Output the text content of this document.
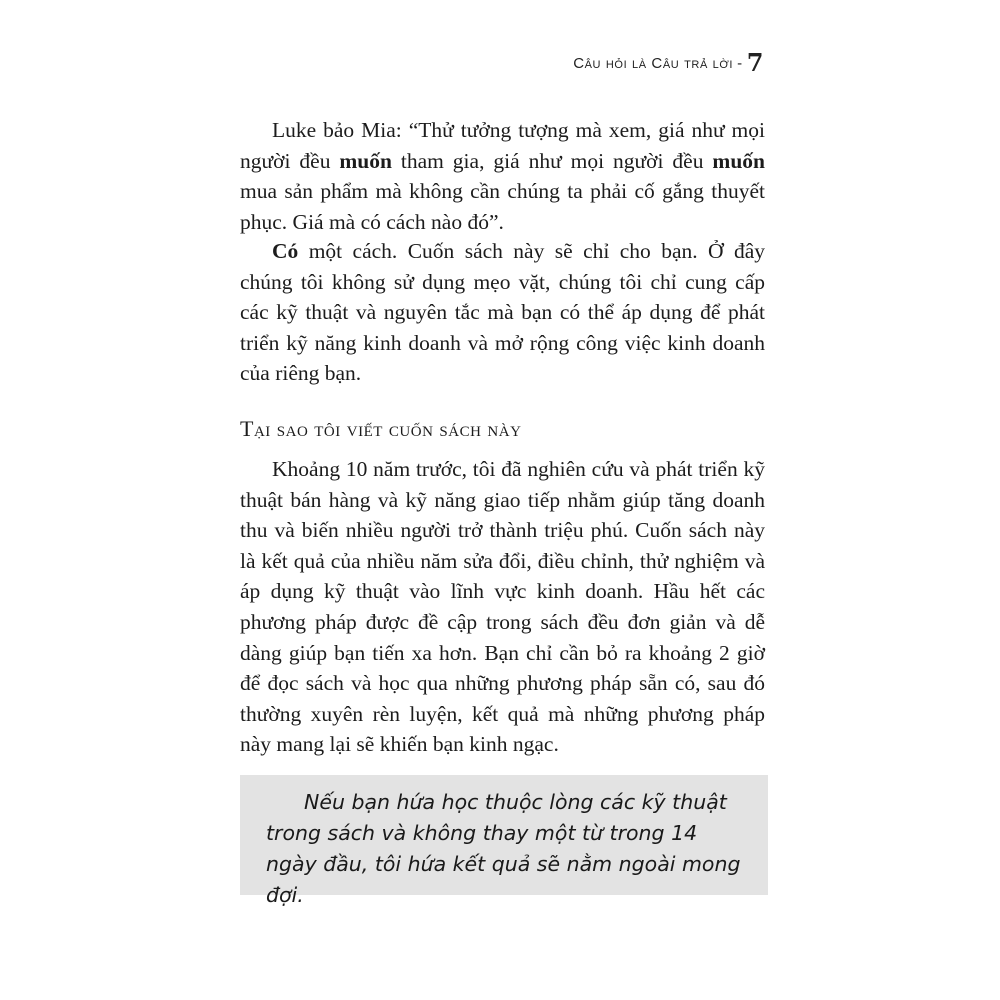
Câu hỏi là Câu trả lời - 7

Luke bảo Mia: “Thử tưởng tượng mà xem, giá như mọi người đều muốn tham gia, giá như mọi người đều muốn mua sản phẩm mà không cần chúng ta phải cố gắng thuyết phục. Giá mà có cách nào đó”.

Có một cách. Cuốn sách này sẽ chỉ cho bạn. Ở đây chúng tôi không sử dụng mẹo vặt, chúng tôi chỉ cung cấp các kỹ thuật và nguyên tắc mà bạn có thể áp dụng để phát triển kỹ năng kinh doanh và mở rộng công việc kinh doanh của riêng bạn.

Tại sao tôi viết cuốn sách này

Khoảng 10 năm trước, tôi đã nghiên cứu và phát triển kỹ thuật bán hàng và kỹ năng giao tiếp nhằm giúp tăng doanh thu và biến nhiều người trở thành triệu phú. Cuốn sách này là kết quả của nhiều năm sửa đổi, điều chỉnh, thử nghiệm và áp dụng kỹ thuật vào lĩnh vực kinh doanh. Hầu hết các phương pháp được đề cập trong sách đều đơn giản và dễ dàng giúp bạn tiến xa hơn. Bạn chỉ cần bỏ ra khoảng 2 giờ để đọc sách và học qua những phương pháp sẵn có, sau đó thường xuyên rèn luyện, kết quả mà những phương pháp này mang lại sẽ khiến bạn kinh ngạc.

Nếu bạn hứa học thuộc lòng các kỹ thuật trong sách và không thay một từ trong 14 ngày đầu, tôi hứa kết quả sẽ nằm ngoài mong đợi.
